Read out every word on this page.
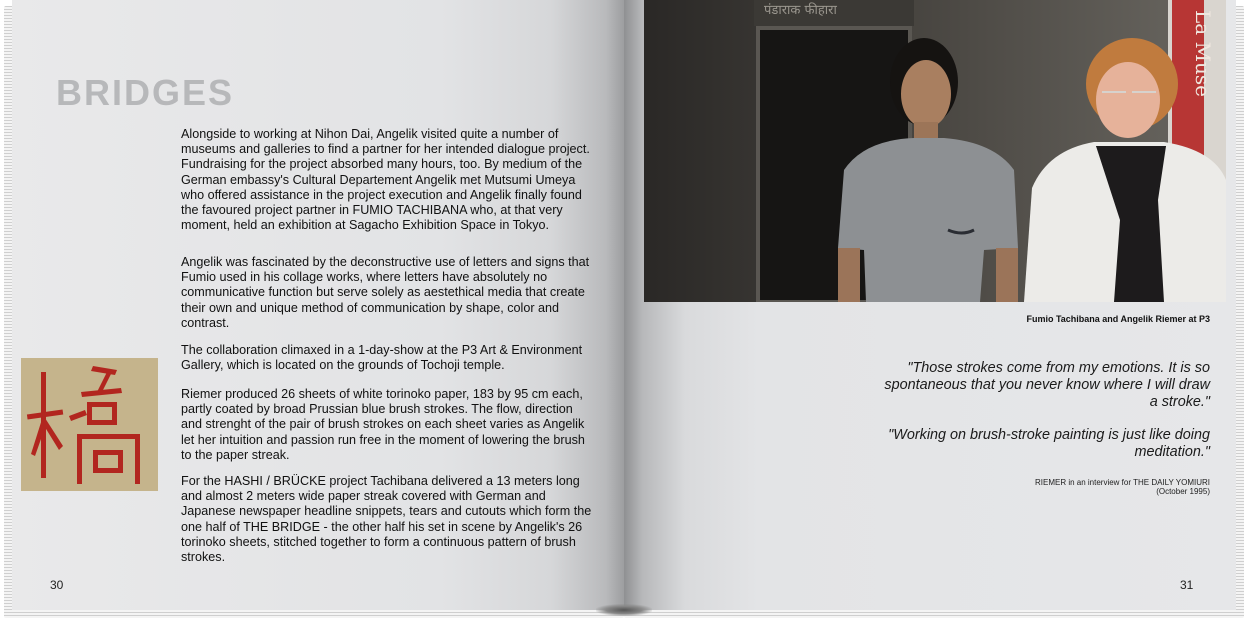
BRIDGES

Alongside to working at Nihon Dai, Angelik visited quite a number of museums and galleries to find a partner for her intended dialogue project. Fundraising for the project absorbed many hours, too. By medium of the German embassy's Cultural Departement Angelik met Mutsumi Umeya who offered assistance in the project execution and Angelik finally found the favoured project partner in FUMIO TACHIBANA who, at that very moment, held an exhibition at Sagacho Exhibition Space in Tokyo.

Angelik was fascinated by the deconstructive use of letters and signs that Fumio used in his collage works, where letters have absolutely no communicative function but serve solely as aestethical media that create their own and unique method of communication by shape, color and contrast.

The collaboration climaxed in a 1-day-show at the P3 Art & Environment Gallery, which is located on the grounds of Tochoji temple.

Riemer produced 26 sheets of white torinoko paper, 183 by 95 cm each, partly coated by broad Prussian blue brush strokes. The flow, direction and strenght of the pair of brush strokes on each sheet varies as Angelik let her intuition and passion run free in the moment of lowering the brush to the paper streak.

For the HASHI / BRÜCKE project Tachibana delivered a 13 meters long and almost 2 meters wide paper streak covered with German and Japanese newspaper headline snippets, tears and cutouts which form the one half of THE BRIDGE - the other half his set in scene by Angelik's 26 torinoko sheets, stitched together to form a continuous pattern of brush strokes.

30
पंडाराक फीहारा	La Muse
Fumio Tachibana and Angelik Riemer at P3

"Those strokes come from my emotions. It is so spontaneous that you never know where I will draw a stroke."

"Working on brush-stroke painting is just like doing meditation."

RIEMER in an interview for THE DAILY YOMIURI
(October 1995)
31
